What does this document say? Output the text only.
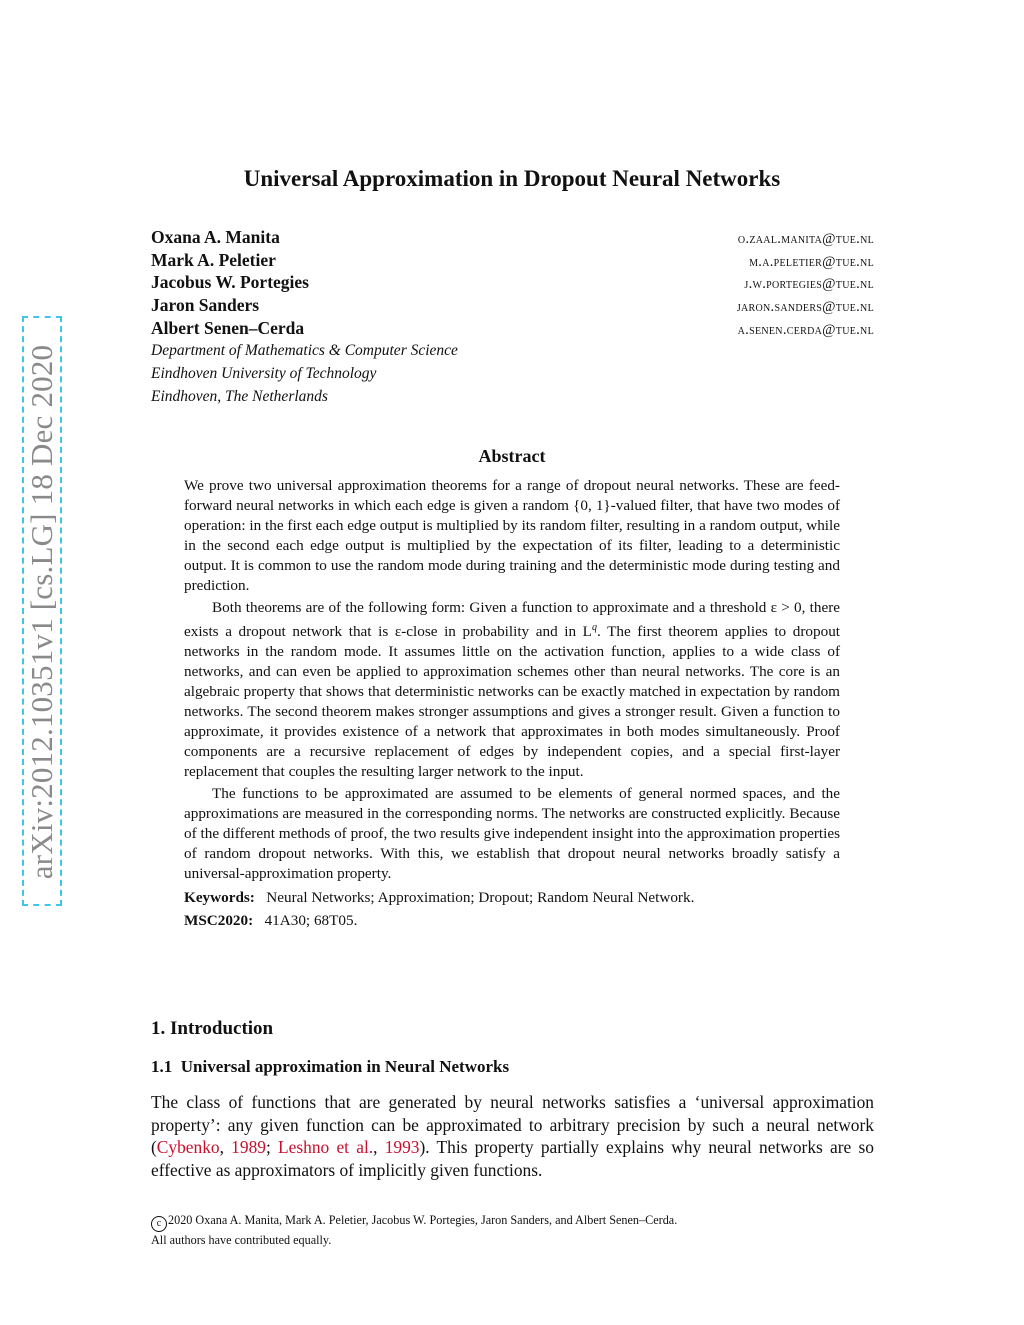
arXiv:2012.10351v1 [cs.LG] 18 Dec 2020
Universal Approximation in Dropout Neural Networks
Oxana A. Manita	o.zaal.manita@tue.nl
Mark A. Peletier	m.a.peletier@tue.nl
Jacobus W. Portegies	j.w.portegies@tue.nl
Jaron Sanders	jaron.sanders@tue.nl
Albert Senen–Cerda	a.senen.cerda@tue.nl
Department of Mathematics & Computer Science
Eindhoven University of Technology
Eindhoven, The Netherlands
Abstract

We prove two universal approximation theorems for a range of dropout neural networks. These are feed-forward neural networks in which each edge is given a random {0, 1}-valued filter, that have two modes of operation: in the first each edge output is multiplied by its random filter, resulting in a random output, while in the second each edge output is multiplied by the expectation of its filter, leading to a deterministic output. It is common to use the random mode during training and the deterministic mode during testing and prediction.

Both theorems are of the following form: Given a function to approximate and a threshold ε > 0, there exists a dropout network that is ε-close in probability and in $L^q$. The first theorem applies to dropout networks in the random mode. It assumes little on the activation function, applies to a wide class of networks, and can even be applied to approximation schemes other than neural networks. The core is an algebraic property that shows that deterministic networks can be exactly matched in expectation by random networks. The second theorem makes stronger assumptions and gives a stronger result. Given a function to approximate, it provides existence of a network that approximates in both modes simultaneously. Proof components are a recursive replacement of edges by independent copies, and a special first-layer replacement that couples the resulting larger network to the input.

The functions to be approximated are assumed to be elements of general normed spaces, and the approximations are measured in the corresponding norms. The networks are constructed explicitly. Because of the different methods of proof, the two results give independent insight into the approximation properties of random dropout networks. With this, we establish that dropout neural networks broadly satisfy a universal-approximation property.

Keywords: Neural Networks; Approximation; Dropout; Random Neural Network.
MSC2020: 41A30; 68T05.
1. Introduction
1.1  Universal approximation in Neural Networks

The class of functions that are generated by neural networks satisfies a ‘universal approximation property’: any given function can be approximated to arbitrary precision by such a neural network (Cybenko, 1989; Leshno et al., 1993). This property partially explains why neural networks are so effective as approximators of implicitly given functions.

c 2020 Oxana A. Manita, Mark A. Peletier, Jacobus W. Portegies, Jaron Sanders, and Albert Senen–Cerda.
All authors have contributed equally.
